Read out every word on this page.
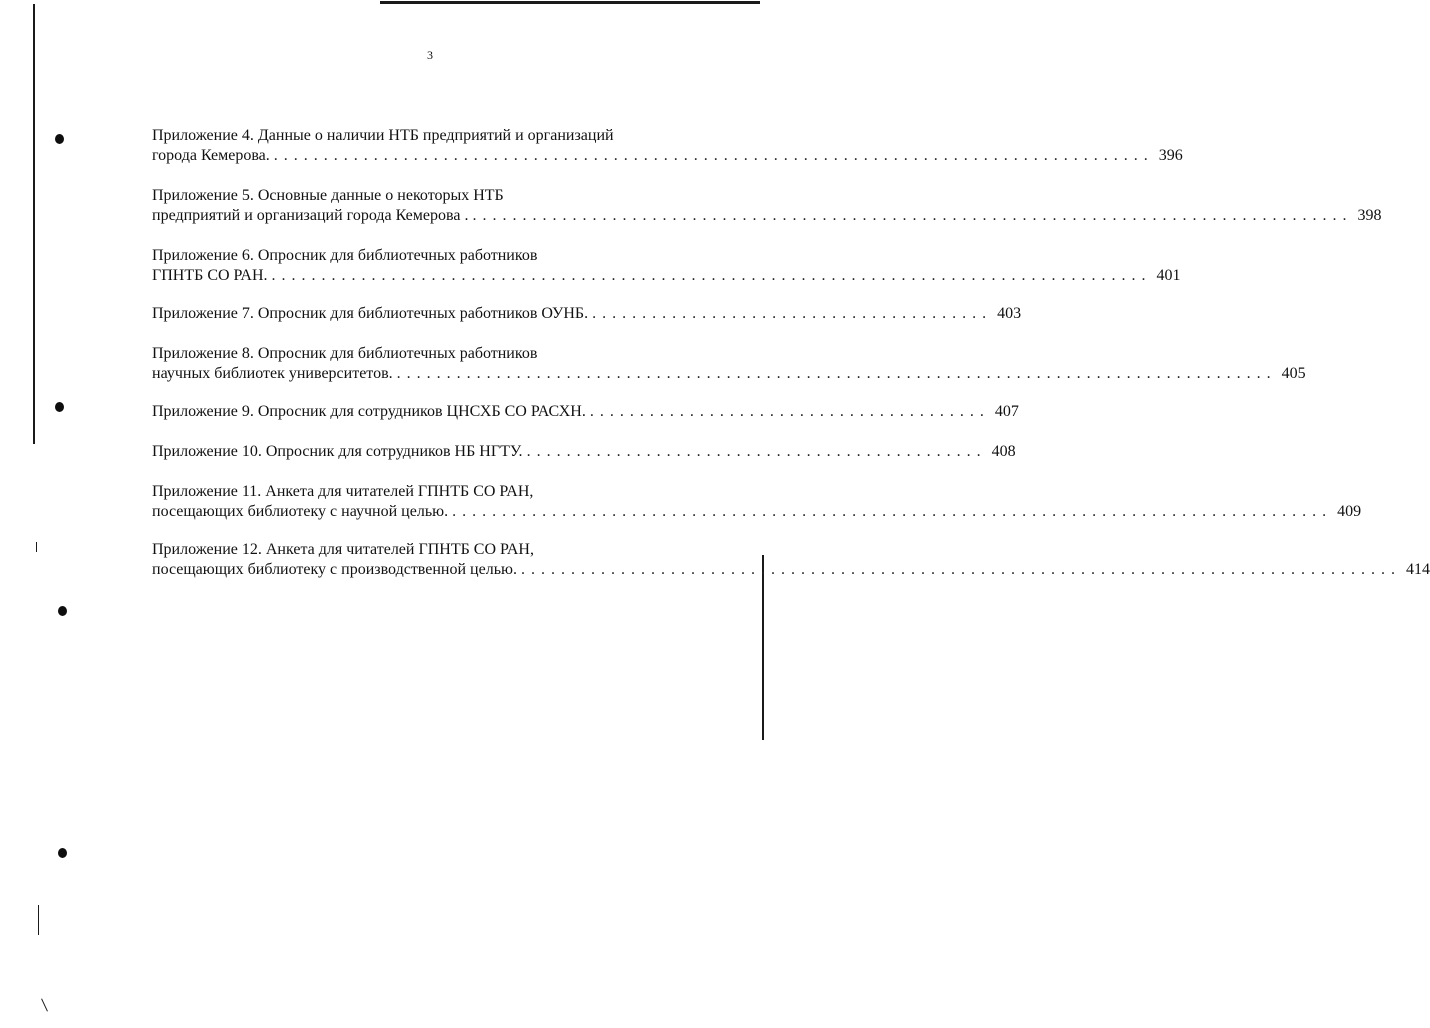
3
Приложение 4. Данные о наличии НТБ предприятий и организаций
города Кемерова. . . . . . . . . . . . . . . . . . . . . . . . . . . . . . . . . . . . . . . . . . . . . . . . . . . . . . . . . . . . . . . . . . . . . . . . . . . . . . . . . . . . . . . . . 396
Приложение 5. Основные данные о некоторых НТБ
предприятий и организаций города Кемерова . . . . . . . . . . . . . . . . . . . . . . . . . . . . . . . . . . . . . . . . . . . . . . . . . . . . . . . . . . . . . . . . . . . . . . . . . . . . . . . . . . . . . . . . . 398
Приложение 6. Опросник для библиотечных работников
ГПНТБ СО РАН. . . . . . . . . . . . . . . . . . . . . . . . . . . . . . . . . . . . . . . . . . . . . . . . . . . . . . . . . . . . . . . . . . . . . . . . . . . . . . . . . . . . . . . . . 401
Приложение 7. Опросник для библиотечных работников ОУНБ. . . . . . . . . . . . . . . . . . . . . . . . . . . . . . . . . . . . . . . . . 403
Приложение 8. Опросник для библиотечных работников
научных библиотек университетов. . . . . . . . . . . . . . . . . . . . . . . . . . . . . . . . . . . . . . . . . . . . . . . . . . . . . . . . . . . . . . . . . . . . . . . . . . . . . . . . . . . . . . . . . 405
Приложение 9. Опросник для сотрудников ЦНСХБ СО РАСХН. . . . . . . . . . . . . . . . . . . . . . . . . . . . . . . . . . . . . . . . . 407
Приложение 10. Опросник для сотрудников НБ НГТУ. . . . . . . . . . . . . . . . . . . . . . . . . . . . . . . . . . . . . . . . . . . . . . . 408
Приложение 11. Анкета для читателей ГПНТБ СО РАН,
посещающих библиотеку с научной целью. . . . . . . . . . . . . . . . . . . . . . . . . . . . . . . . . . . . . . . . . . . . . . . . . . . . . . . . . . . . . . . . . . . . . . . . . . . . . . . . . . . . . . . . . 409
Приложение 12. Анкета для читателей ГПНТБ СО РАН,
посещающих библиотеку с производственной целью. . . . . . . . . . . . . . . . . . . . . . . . . . . . . . . . . . . . . . . . . . . . . . . . . . . . . . . . . . . . . . . . . . . . . . . . . . . . . . . . . . . . . . . . . 414
